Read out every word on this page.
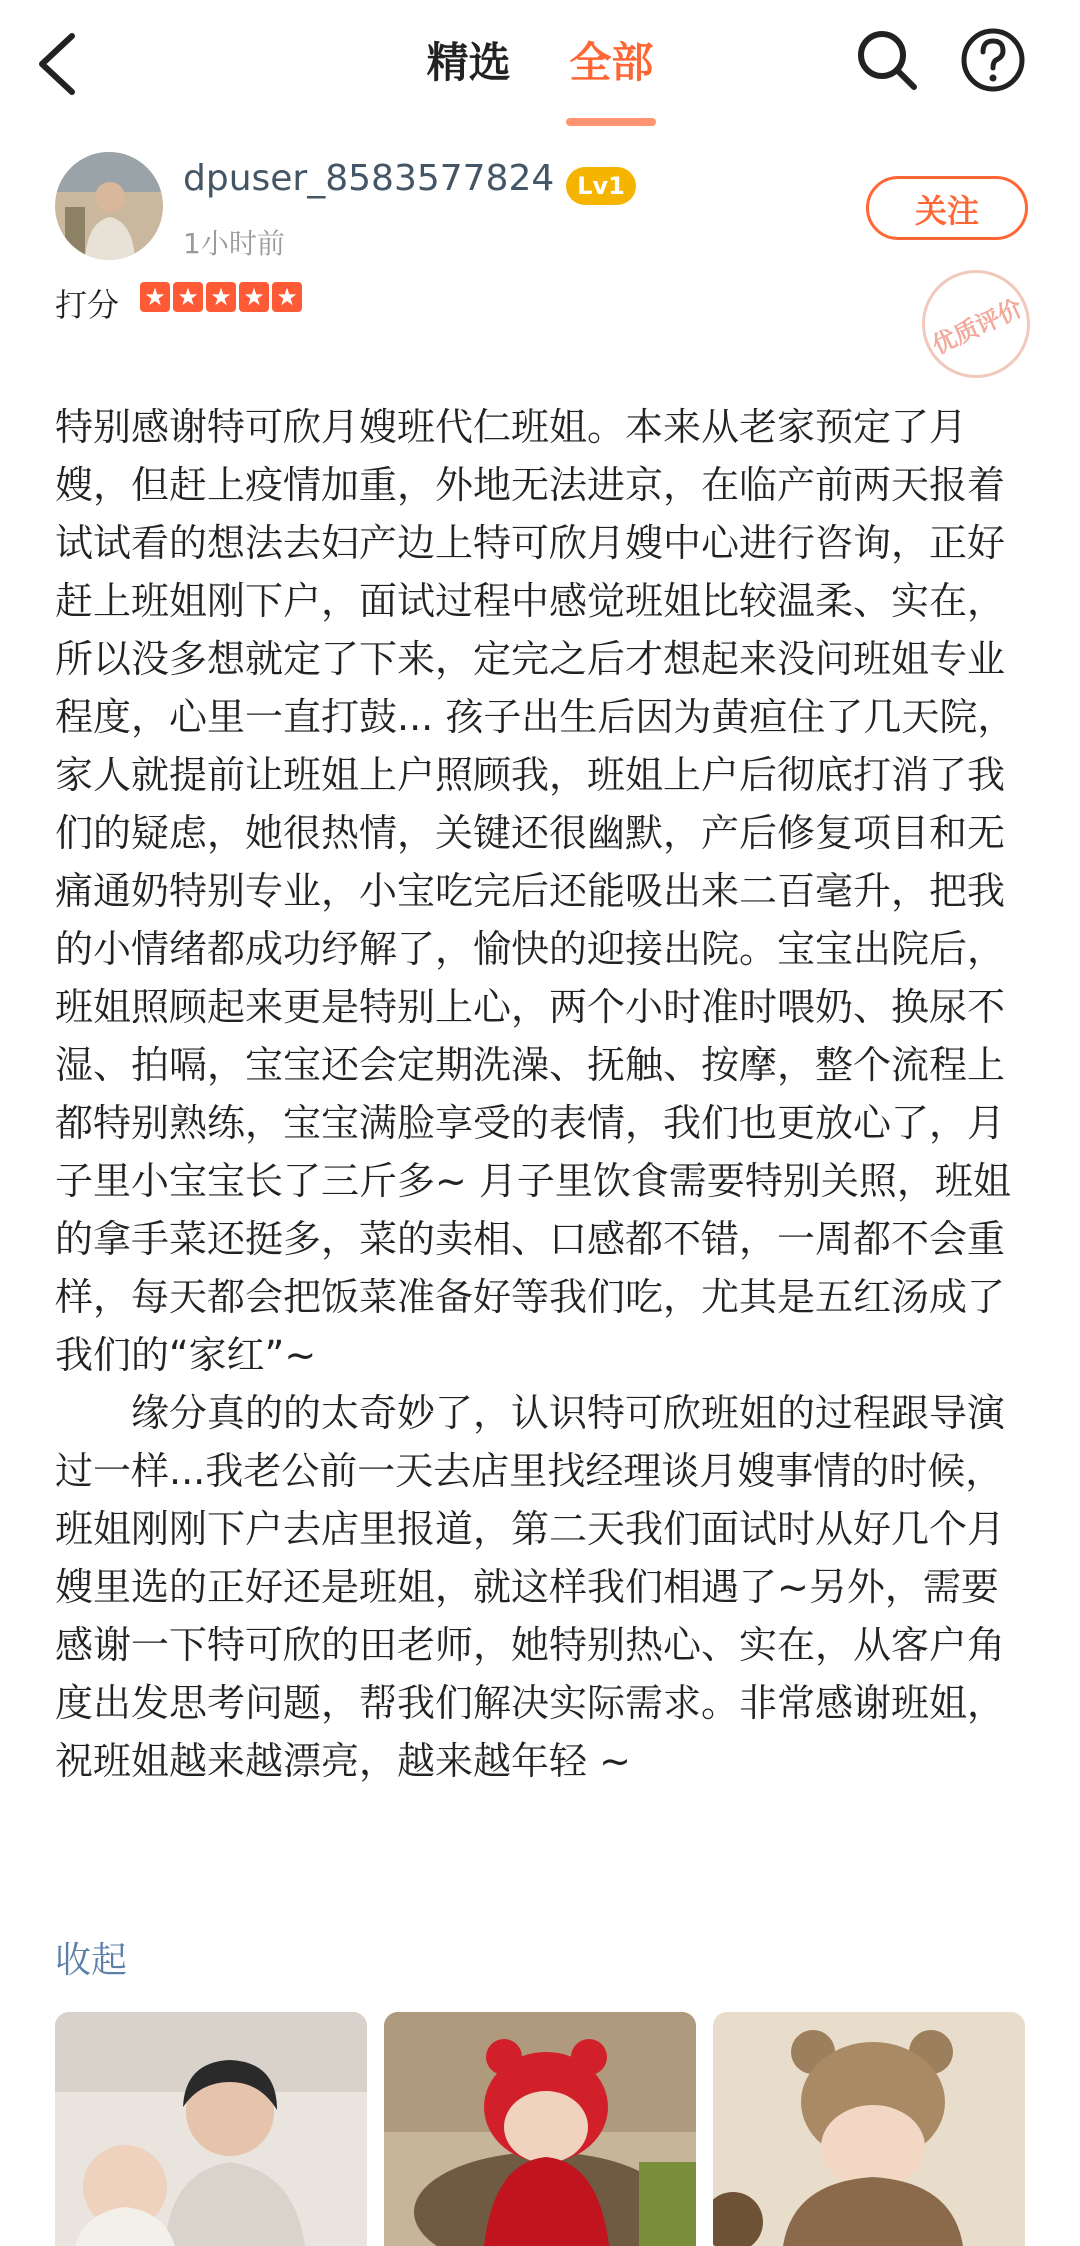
精选 全部
dpuser_8583577824 Lv1
1小时前
关注
打分 ★ ★ ★ ★ ★	优质评价

特别感谢特可欣月嫂班代仁班姐。本来从老家预定了月嫂，但赶上疫情加重，外地无法进京，在临产前两天报着试试看的想法去妇产边上特可欣月嫂中心进行咨询，正好赶上班姐刚下户，面试过程中感觉班姐比较温柔、实在，所以没多想就定了下来，定完之后才想起来没问班姐专业程度，心里一直打鼓... 孩子出生后因为黄疸住了几天院，家人就提前让班姐上户照顾我，班姐上户后彻底打消了我们的疑虑，她很热情，关键还很幽默，产后修复项目和无痛通奶特别专业，小宝吃完后还能吸出来二百毫升，把我的小情绪都成功纾解了，愉快的迎接出院。宝宝出院后，班姐照顾起来更是特别上心，两个小时准时喂奶、换尿不湿、拍嗝，宝宝还会定期洗澡、抚触、按摩，整个流程上都特别熟练，宝宝满脸享受的表情，我们也更放心了，月子里小宝宝长了三斤多~ 月子里饮食需要特别关照，班姐的拿手菜还挺多，菜的卖相、口感都不错，一周都不会重样，每天都会把饭菜准备好等我们吃，尤其是五红汤成了我们的“家红”~

缘分真的的太奇妙了，认识特可欣班姐的过程跟导演过一样...我老公前一天去店里找经理谈月嫂事情的时候，班姐刚刚下户去店里报道，第二天我们面试时从好几个月嫂里选的正好还是班姐，就这样我们相遇了~另外，需要感谢一下特可欣的田老师，她特别热心、实在，从客户角度出发思考问题，帮我们解决实际需求。非常感谢班姐，祝班姐越来越漂亮，越来越年轻 ~

收起
